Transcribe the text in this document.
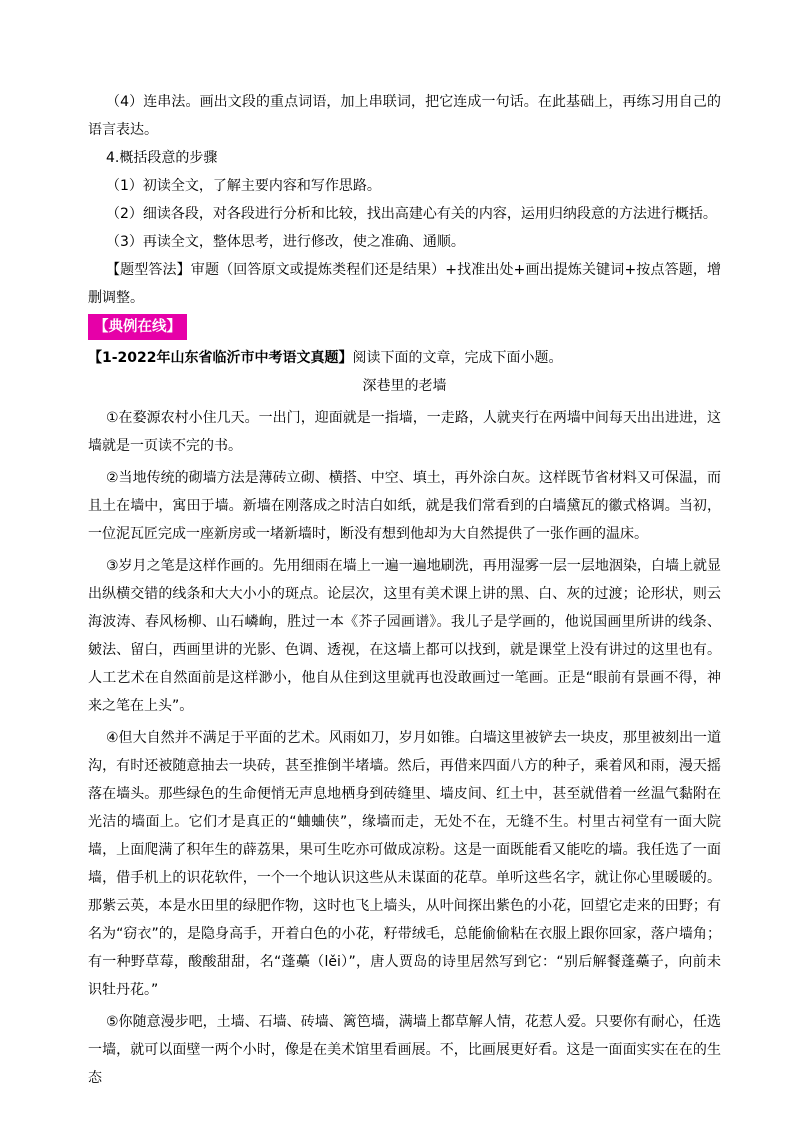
（4）连串法。画出文段的重点词语，加上串联词，把它连成一句话。在此基础上，再练习用自己的语言表达。

4.概括段意的步骤

（1）初读全文，了解主要内容和写作思路。

（2）细读各段，对各段进行分析和比较，找出高建心有关的内容，运用归纳段意的方法进行概括。

（3）再读全文，整体思考，进行修改，使之准确、通顺。

【题型答法】审题（回答原文或提炼类程们还是结果）+找准出处+画出提炼关键词+按点答题，增删调整。

【典例在线】

【1-2022年山东省临沂市中考语文真题】阅读下面的文章，完成下面小题。

深巷里的老墙

①在婺源农村小住几天。一出门，迎面就是一指墙，一走路，人就夹行在两墙中间每天出出进进，这墙就是一页读不完的书。

②当地传统的砌墙方法是薄砖立砌、横搭、中空、填土，再外涂白灰。这样既节省材料又可保温，而且土在墙中，寓田于墙。新墙在刚落成之时洁白如纸，就是我们常看到的白墙黛瓦的徽式格调。当初，一位泥瓦匠完成一座新房或一堵新墙时，断没有想到他却为大自然提供了一张作画的温床。

③岁月之笔是这样作画的。先用细雨在墙上一遍一遍地刷洗，再用湿雾一层一层地洇染，白墙上就显出纵横交错的线条和大大小小的斑点。论层次，这里有美术课上讲的黑、白、灰的过渡；论形状，则云海波涛、春风杨柳、山石嶙峋，胜过一本《芥子园画谱》。我儿子是学画的，他说国画里所讲的线条、皴法、留白，西画里讲的光影、色调、透视，在这墙上都可以找到，就是课堂上没有讲过的这里也有。人工艺术在自然面前是这样渺小，他自从住到这里就再也没敢画过一笔画。正是“眼前有景画不得，神来之笔在上头”。

④但大自然并不满足于平面的艺术。风雨如刀，岁月如锥。白墙这里被铲去一块皮，那里被刻出一道沟，有时还被随意抽去一块砖，甚至推倒半堵墙。然后，再借来四面八方的种子，乘着风和雨，漫天摇落在墙头。那些绿色的生命便悄无声息地栖身到砖缝里、墙皮间、红土中，甚至就借着一丝温气黏附在光洁的墙面上。它们才是真正的“蛐蛐侠”，缘墙而走，无处不在，无缝不生。村里古祠堂有一面大院墙，上面爬满了积年生的薜荔果，果可生吃亦可做成凉粉。这是一面既能看又能吃的墙。我任选了一面墙，借手机上的识花软件，一个一个地认识这些从未谋面的花草。单听这些名字，就让你心里暖暖的。那紫云英，本是水田里的绿肥作物，这时也飞上墙头，从叶间探出紫色的小花，回望它走来的田野；有名为“窃衣”的，是隐身高手，开着白色的小花，籽带绒毛，总能偷偷粘在衣服上跟你回家，落户墙角；有一种野草莓，酸酸甜甜，名“蓬蘽（lěi）”，唐人贾岛的诗里居然写到它：“别后解餐蓬蘽子，向前未识牡丹花。”

⑤你随意漫步吧，土墙、石墙、砖墙、篱笆墙，满墙上都草解人情，花惹人爱。只要你有耐心，任选一墙，就可以面壁一两个小时，像是在美术馆里看画展。不，比画展更好看。这是一面面实实在在的生态
